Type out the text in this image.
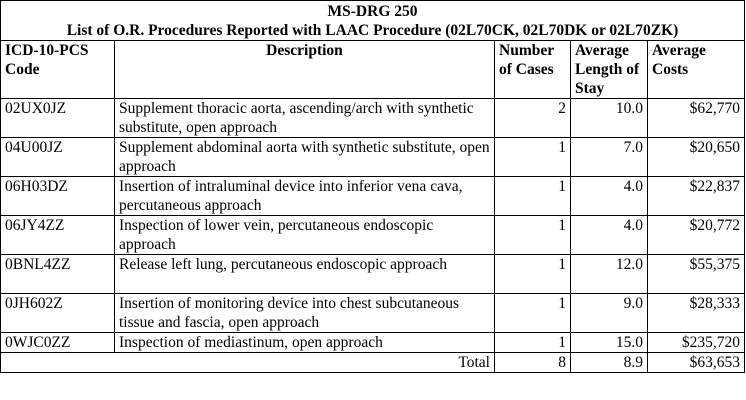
MS-DRG 250
List of O.R. Procedures Reported with LAAC Procedure (02L70CK, 02L70DK or 02L70ZK)				

ICD-10-PCS Code	Description	Number of Cases	Average Length of Stay	Average Costs
02UX0JZ	Supplement thoracic aorta, ascending/arch with synthetic substitute, open approach	2	10.0	$62,770
04U00JZ	Supplement abdominal aorta with synthetic substitute, open approach	1	7.0	$20,650
06H03DZ	Insertion of intraluminal device into inferior vena cava, percutaneous approach	1	4.0	$22,837
06JY4ZZ	Inspection of lower vein, percutaneous endoscopic approach	1	4.0	$20,772
0BNL4ZZ	Release left lung, percutaneous endoscopic approach	1	12.0	$55,375
0JH602Z	Insertion of monitoring device into chest subcutaneous tissue and fascia, open approach	1	9.0	$28,333
0WJC0ZZ	Inspection of mediastinum, open approach	1	15.0	$235,720
Total		8	8.9	$63,653
